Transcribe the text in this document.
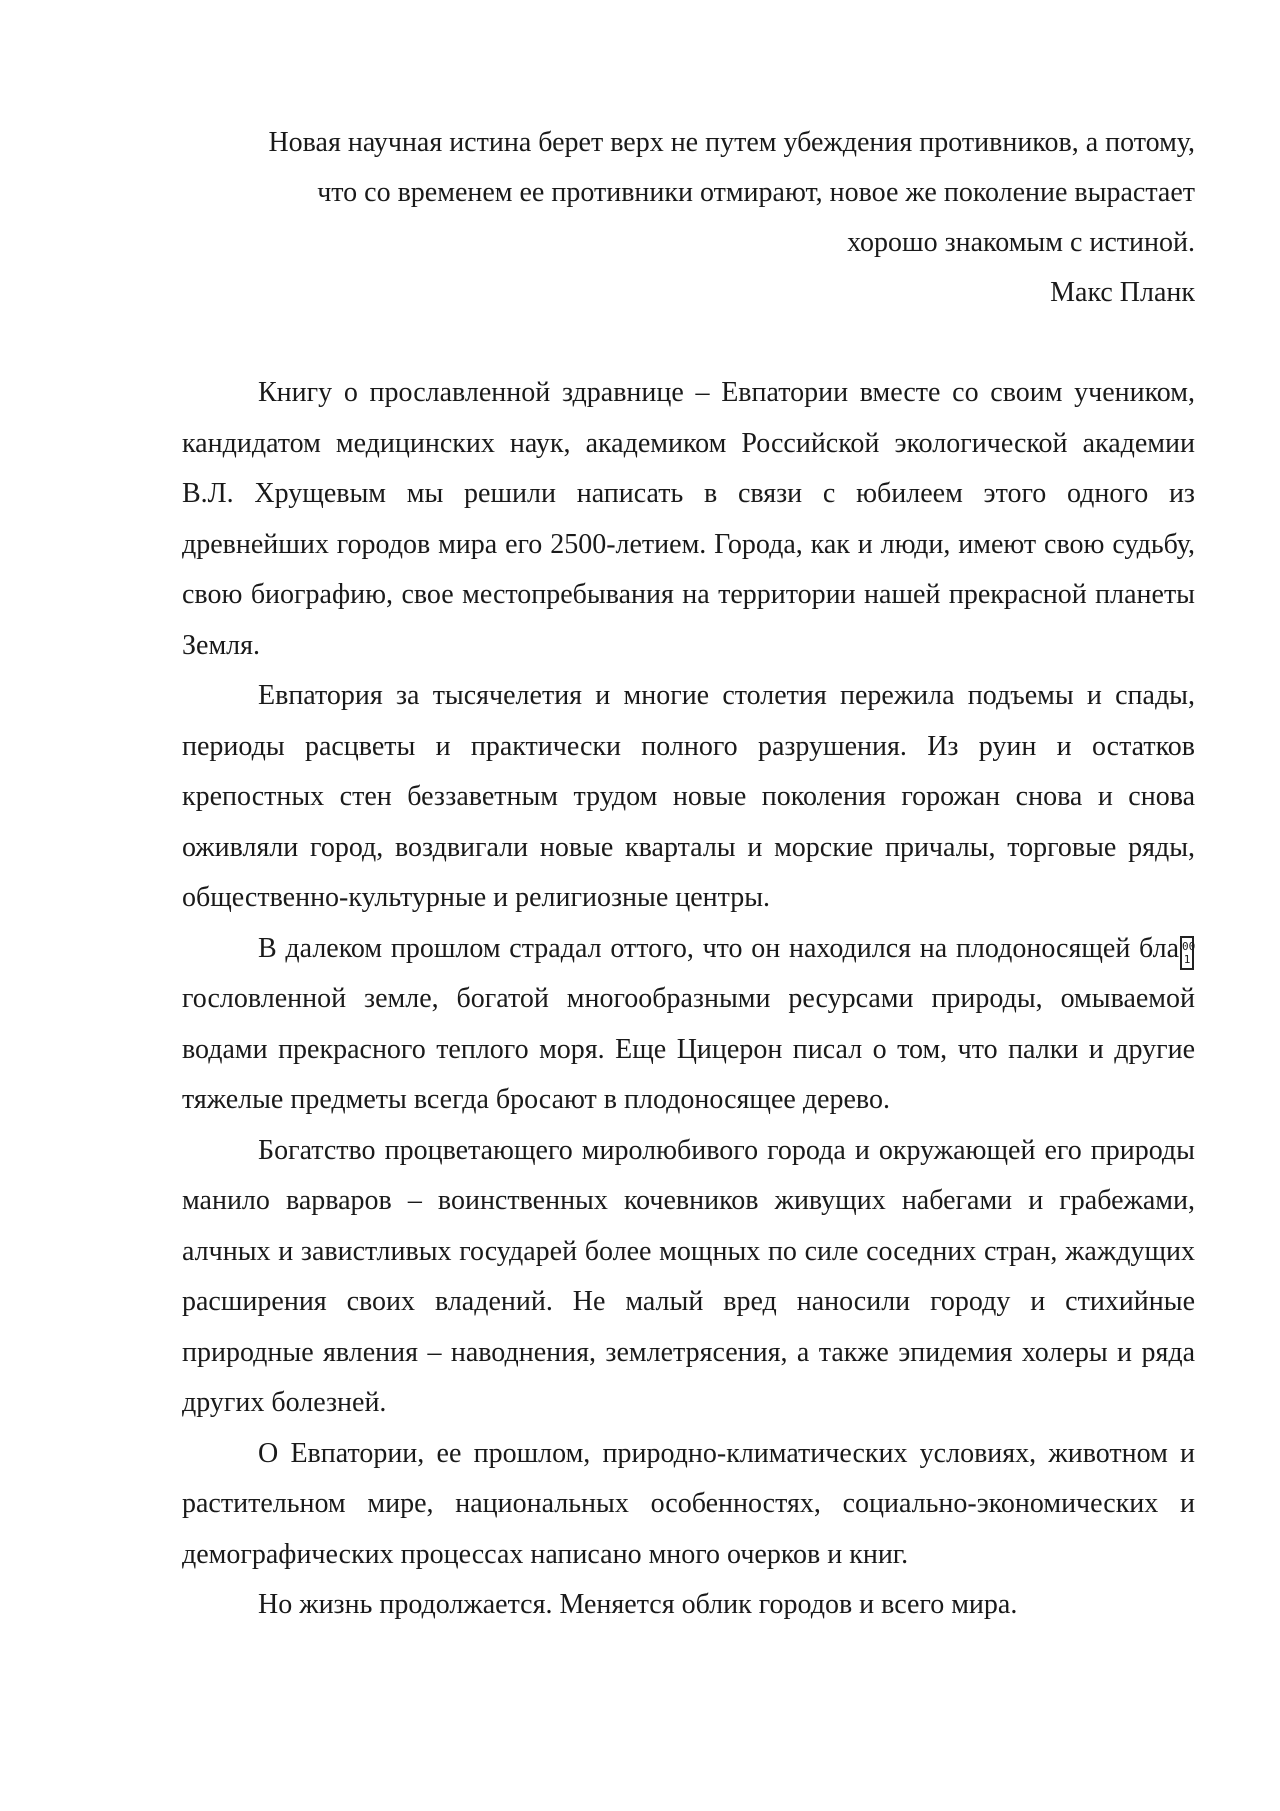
Новая научная истина берет верх не путем убеждения противников, а потому, что со временем ее противники отмирают, новое же поколение вырастает хорошо знакомым с истиной.

Макс Планк

Книгу о прославленной здравнице – Евпатории вместе со своим учеником, кандидатом медицинских наук, академиком Российской экологической академии В.Л. Хрущевым мы решили написать в связи с юбилеем этого одного из древнейших городов мира его 2500-летием. Города, как и люди, имеют свою судьбу, свою биографию, свое местопребывания на территории нашей прекрасной планеты Земля.

Евпатория за тысячелетия и многие столетия пережила подъемы и спады, периоды расцветы и практически полного разрушения. Из руин и остатков крепостных стен беззаветным трудом новые поколения горожан снова и снова оживляли город, воздвигали новые кварталы и морские причалы, торговые ряды, общественно-культурные и религиозные центры.

В далеком прошлом страдал оттого, что он находился на плодоносящей бла 00 1гословленной земле, богатой многообразными ресурсами природы, омываемой водами прекрасного теплого моря. Еще Цицерон писал о том, что палки и другие тяжелые предметы всегда бросают в плодоносящее дерево.

Богатство процветающего миролюбивого города и окружающей его природы манило варваров – воинственных кочевников живущих набегами и грабежами, алчных и завистливых государей более мощных по силе соседних стран, жаждущих расширения своих владений. Не малый вред наносили городу и стихийные природные явления – наводнения, землетрясения, а также эпидемия холеры и ряда других болезней.

О Евпатории, ее прошлом, природно-климатических условиях, животном и растительном мире, национальных особенностях, социально-экономических и демографических процессах написано много очерков и книг.

Но жизнь продолжается. Меняется облик городов и всего мира.
